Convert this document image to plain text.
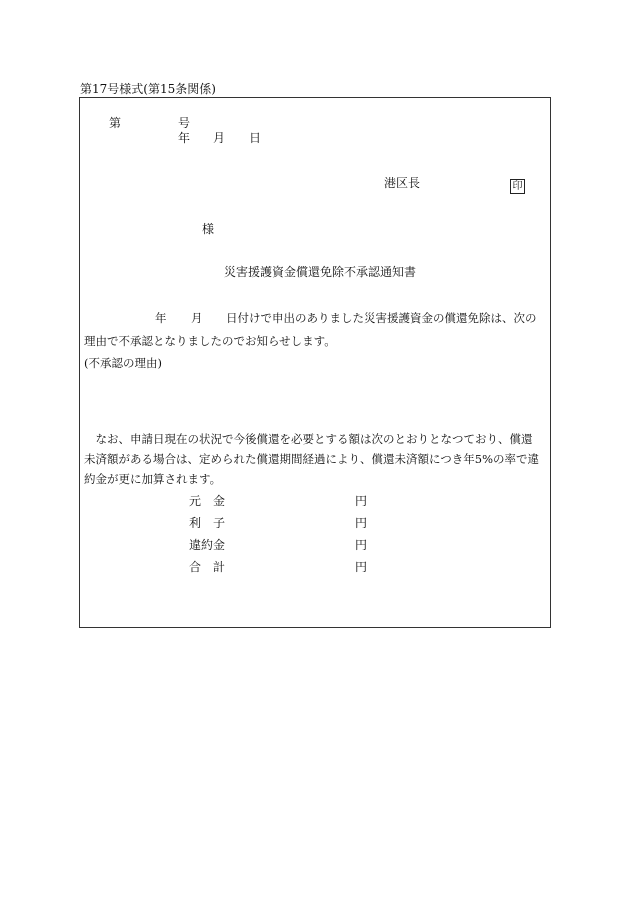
第17号様式(第15条関係)
第	号
年 月 日
港区長	印
様
災害援護資金償還免除不承認通知書
年 月 日付けで申出のありました災害援護資金の償還免除は、次の
理由で不承認となりましたのでお知らせします。
(不承認の理由)
なお、申請日現在の状況で今後償還を必要とする額は次のとおりとなつており、償還未済額がある場合は、定められた償還期間経過により、償還未済額につき年5%の率で違約金が更に加算されます。
元　金	円
利　子	円
違約金	円
合　計	円
